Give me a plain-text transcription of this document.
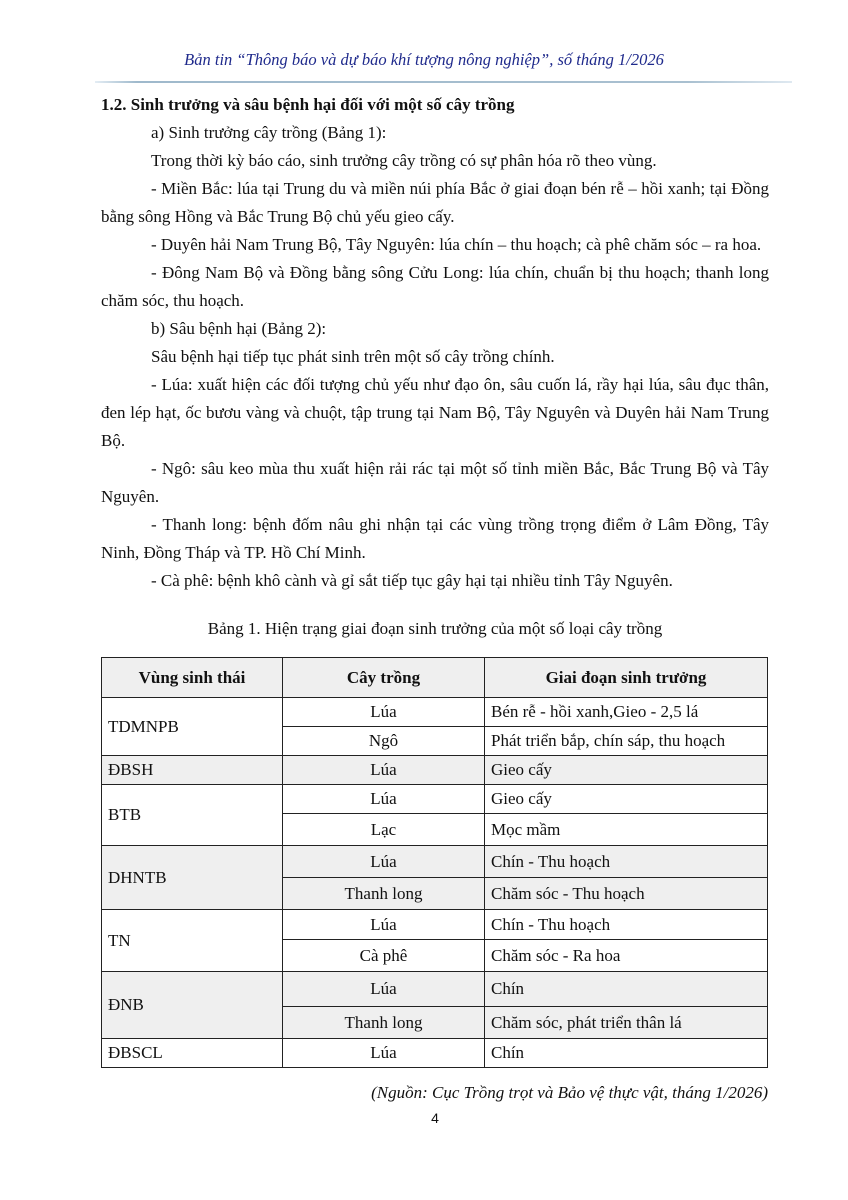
Bản tin “Thông báo và dự báo khí tượng nông nghiệp”, số tháng 1/2026

1.2. Sinh trưởng và sâu bệnh hại đối với một số cây trồng

a) Sinh trưởng cây trồng (Bảng 1):

Trong thời kỳ báo cáo, sinh trưởng cây trồng có sự phân hóa rõ theo vùng.

- Miền Bắc: lúa tại Trung du và miền núi phía Bắc ở giai đoạn bén rễ – hồi xanh; tại Đồng bằng sông Hồng và Bắc Trung Bộ chủ yếu gieo cấy.

- Duyên hải Nam Trung Bộ, Tây Nguyên: lúa chín – thu hoạch; cà phê chăm sóc – ra hoa.

- Đông Nam Bộ và Đồng bằng sông Cửu Long: lúa chín, chuẩn bị thu hoạch; thanh long chăm sóc, thu hoạch.

b) Sâu bệnh hại (Bảng 2):

Sâu bệnh hại tiếp tục phát sinh trên một số cây trồng chính.

- Lúa: xuất hiện các đối tượng chủ yếu như đạo ôn, sâu cuốn lá, rầy hại lúa, sâu đục thân, đen lép hạt, ốc bươu vàng và chuột, tập trung tại Nam Bộ, Tây Nguyên và Duyên hải Nam Trung Bộ.

- Ngô: sâu keo mùa thu xuất hiện rải rác tại một số tỉnh miền Bắc, Bắc Trung Bộ và Tây Nguyên.

- Thanh long: bệnh đốm nâu ghi nhận tại các vùng trồng trọng điểm ở Lâm Đồng, Tây Ninh, Đồng Tháp và TP. Hồ Chí Minh.

- Cà phê: bệnh khô cành và gỉ sắt tiếp tục gây hại tại nhiều tỉnh Tây Nguyên.

Bảng 1. Hiện trạng giai đoạn sinh trưởng của một số loại cây trồng
Vùng sinh thái	Cây trồng	Giai đoạn sinh trưởng
TDMNPB	Lúa	Bén rễ - hồi xanh,Gieo - 2,5 lá
	Ngô	Phát triển bắp, chín sáp, thu hoạch
ĐBSH	Lúa	Gieo cấy
BTB	Lúa	Gieo cấy
	Lạc	Mọc mầm
DHNTB	Lúa	Chín - Thu hoạch
	Thanh long	Chăm sóc - Thu hoạch
TN	Lúa	Chín - Thu hoạch
	Cà phê	Chăm sóc - Ra hoa
ĐNB	Lúa	Chín
	Thanh long	Chăm sóc, phát triển thân lá
ĐBSCL	Lúa	Chín
(Nguồn: Cục Trồng trọt và Bảo vệ thực vật, tháng 1/2026)
4
